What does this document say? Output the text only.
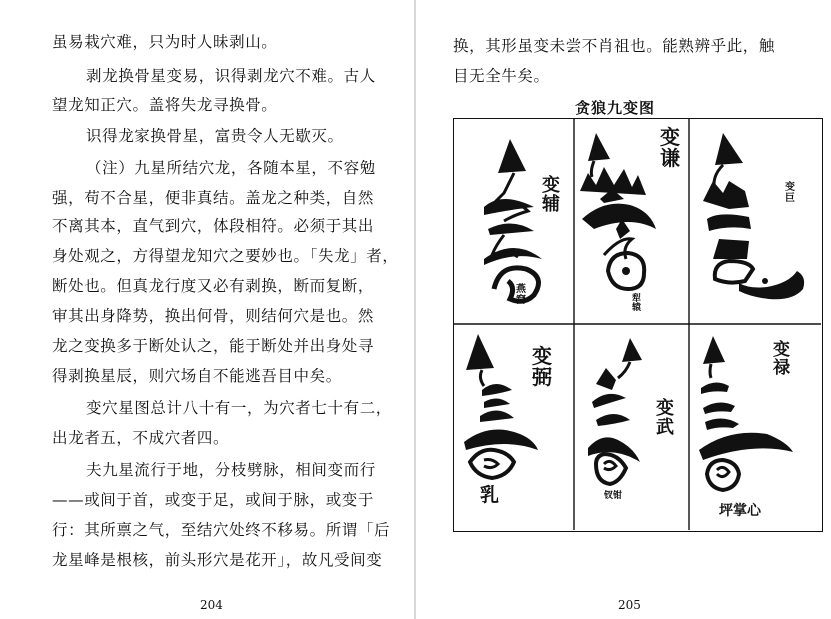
虽易栽穴难，只为时人昧剥山。
剥龙换骨星变易，识得剥龙穴不难。古人
望龙知正穴。盖将失龙寻换骨。
识得龙家换骨星，富贵令人无歇灭。
（注）九星所结穴龙，各随本星，不容勉
强，苟不合星，便非真结。盖龙之种类，自然
不离其本，直气到穴，体段相符。必须于其出
身处观之，方得望龙知穴之要妙也。「失龙」者，
断处也。但真龙行度又必有剥换，断而复断，
审其出身降势，换出何骨，则结何穴是也。然
龙之变换多于断处认之，能于断处并出身处寻
得剥换星辰，则穴场自不能逃吾目中矣。
变穴星图总计八十有一，为穴者七十有二，
出龙者五，不成穴者四。
夫九星流行于地，分枝劈脉，相间变而行
——或间于首，或变于足，或间于脉，或变于
行：其所禀之气，至结穴处终不移易。所谓「后
龙星峰是根核，前头形穴是花开」，故凡受间变
204
换，其形虽变未尝不肖祖也。能熟辨乎此，触
目无全牛矣。
贪狼九变图
变辅
燕窝
变谦
犁辕
变巨
变弼
乳
变武
钗钳
变禄
坪掌心
205
